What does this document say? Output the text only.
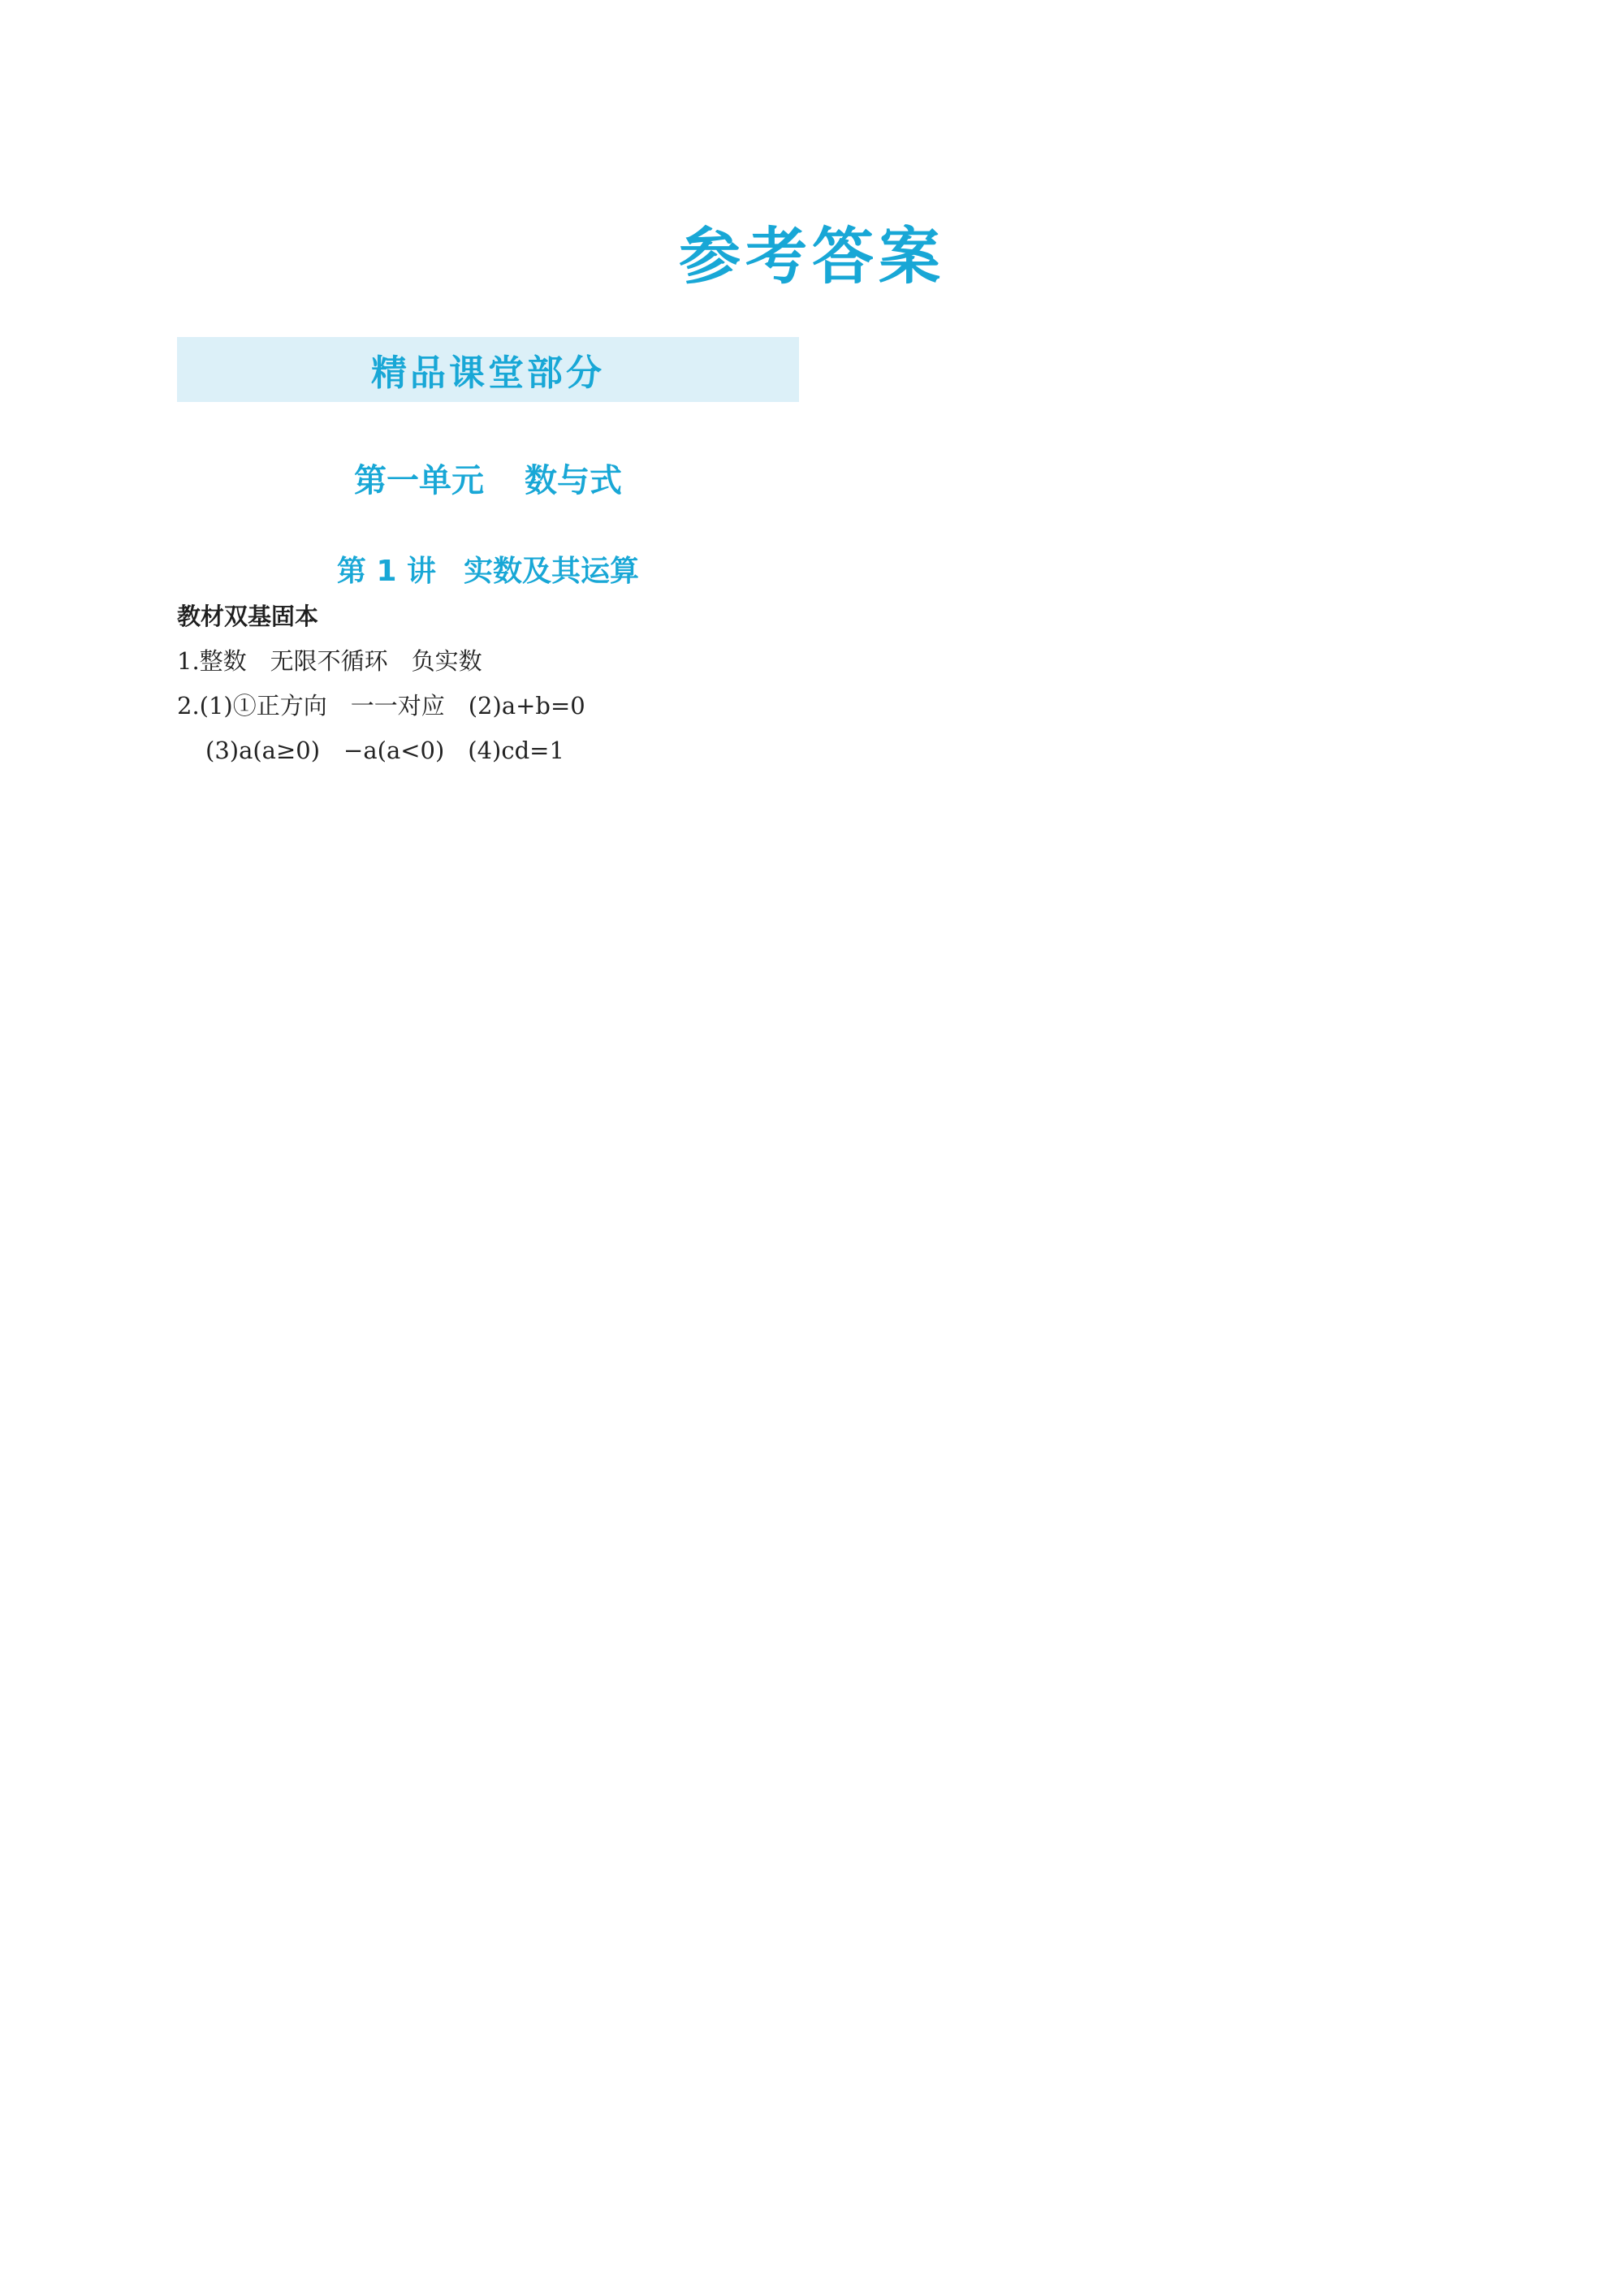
参考答案
精品课堂部分
第一单元 数与式
第 1 讲 实数及其运算
教材双基固本
1.整数　无限不循环　负实数
2.(1)①正方向　一一对应　(2)a+b=0
(3)a(a≥0)　−a(a<0)　(4)cd=1
